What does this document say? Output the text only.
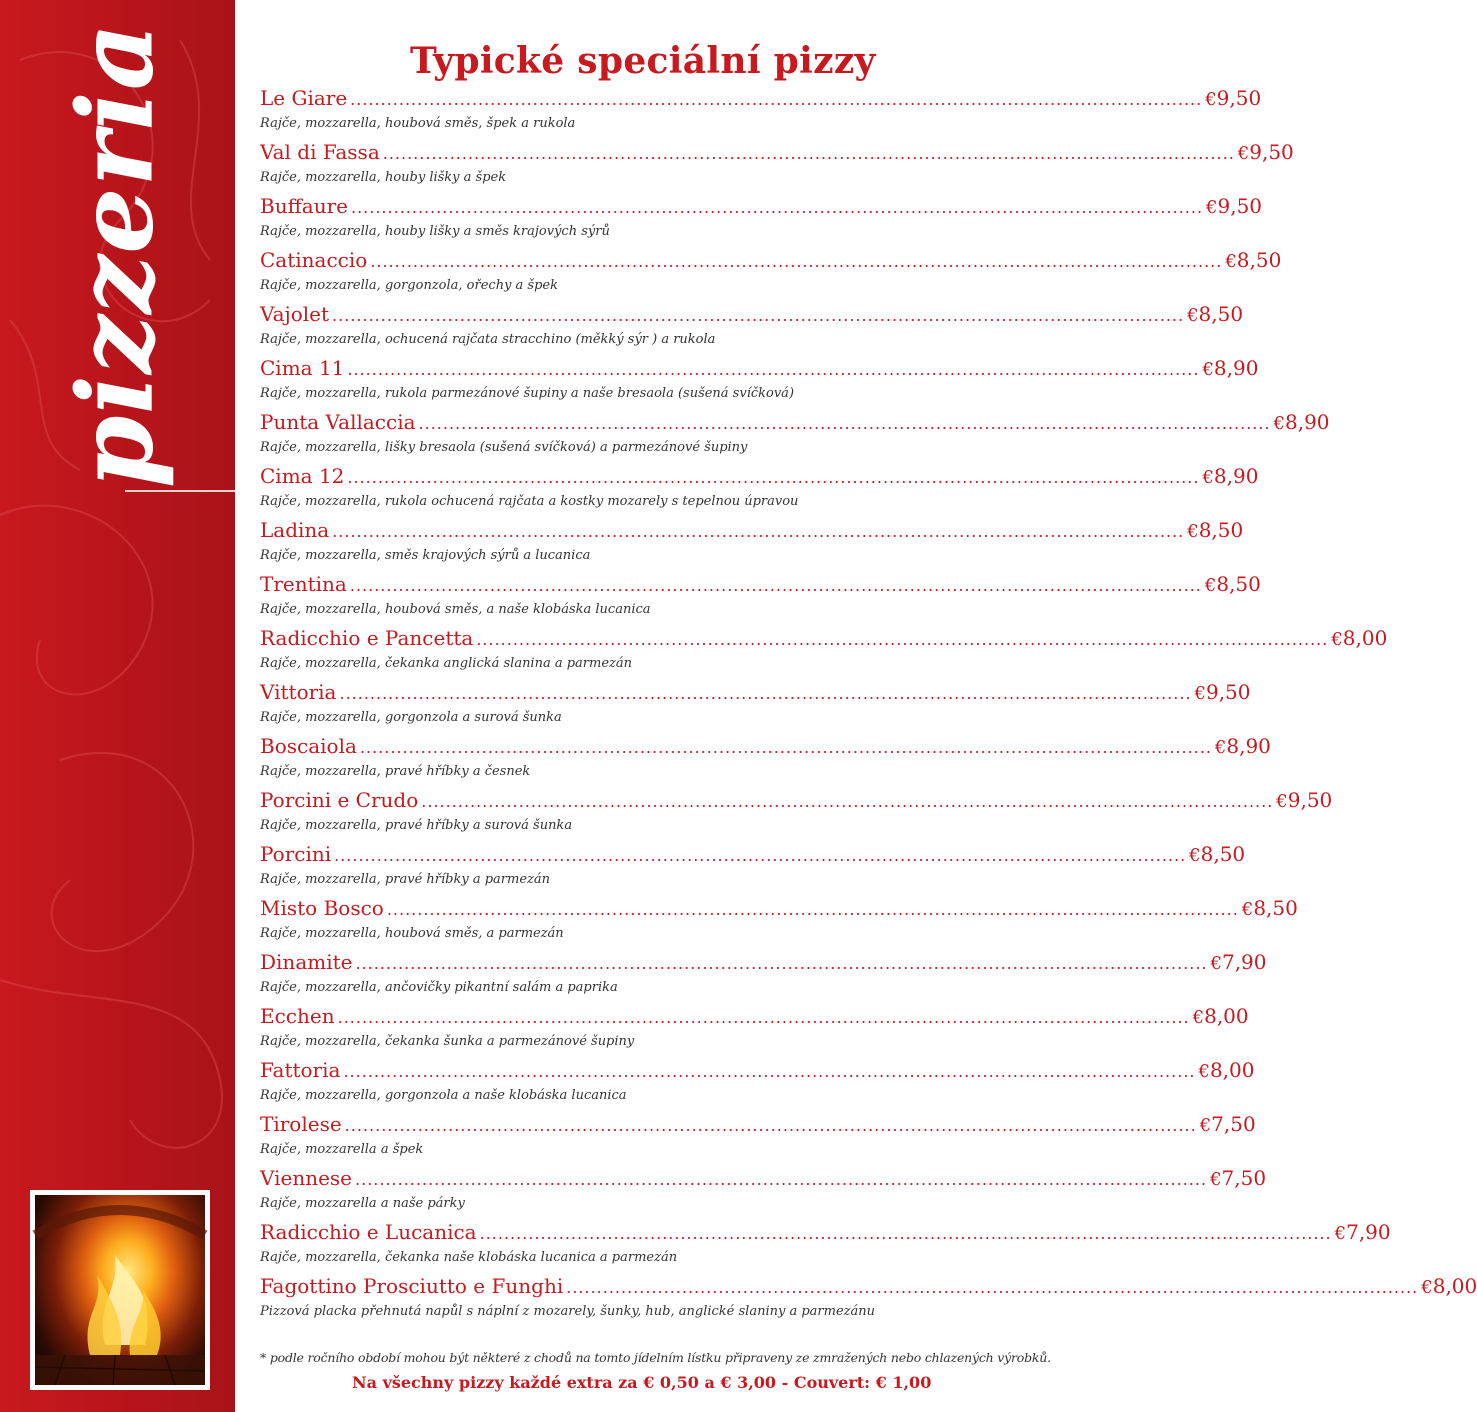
pizzeria	Typické speciální pizzy
Le Giare .....	€ 9,50
Rajče, mozzarella, houbová směs, špek a rukola
Val di Fassa .....	€ 9,50
Rajče, mozzarella, houby lišky a špek
Buffaure .....	€ 9,50
Rajče, mozzarella, houby lišky a směs krajových sýrů
Catinaccio .....	€ 8,50
Rajče, mozzarella, gorgonzola, ořechy a špek
Vajolet .....	€ 8,50
Rajče, mozzarella, ochucená rajčata stracchino (měkký sýr ) a rukola
Cima 11 .....	€ 8,90
Rajče, mozzarella, rukola parmezánové šupiny a naše bresaola (sušená svíčková)
Punta Vallaccia .....	€ 8,90
Rajče, mozzarella, lišky bresaola (sušená svíčková) a parmezánové šupiny
Cima 12 .....	€ 8,90
Rajče, mozzarella, rukola ochucená rajčata a kostky mozarely s tepelnou úpravou
Ladina .....	€ 8,50
Rajče, mozzarella, směs krajových sýrů a lucanica
Trentina .....	€ 8,50
Rajče, mozzarella, houbová směs, a naše klobáska lucanica
Radicchio e Pancetta .....	€ 8,00
Rajče, mozzarella, čekanka anglická slanina a parmezán
Vittoria .....	€ 9,50
Rajče, mozzarella, gorgonzola a surová šunka
Boscaiola .....	€ 8,90
Rajče, mozzarella, pravé hříbky a česnek
Porcini e Crudo .....	€ 9,50
Rajče, mozzarella, pravé hříbky a surová šunka
Porcini .....	€ 8,50
Rajče, mozzarella, pravé hříbky a parmezán
Misto Bosco .....	€ 8,50
Rajče, mozzarella, houbová směs, a parmezán
Dinamite .....	€ 7,90
Rajče, mozzarella, ančovičky pikantní salám a paprika
Ecchen .....	€ 8,00
Rajče, mozzarella, čekanka šunka a parmezánové šupiny
Fattoria .....	€ 8,00
Rajče, mozzarella, gorgonzola a naše klobáska lucanica
Tirolese .....	€ 7,50
Rajče, mozzarella a špek
Viennese .....	€ 7,50
Rajče, mozzarella a naše párky
Radicchio e Lucanica .....	€ 7,90
Rajče, mozzarella, čekanka naše klobáska lucanica a parmezán
Fagottino Prosciutto e Funghi .....	€ 8,00
Pizzová placka přehnutá napůl s náplní z mozarely, šunky, hub, anglické slaniny a parmezánu
* podle ročního období mohou být některé z chodů na tomto jídelním lístku připraveny ze zmražených nebo chlazených výrobků.
Na všechny pizzy každé extra za € 0,50 a € 3,00 - Couvert: € 1,00
